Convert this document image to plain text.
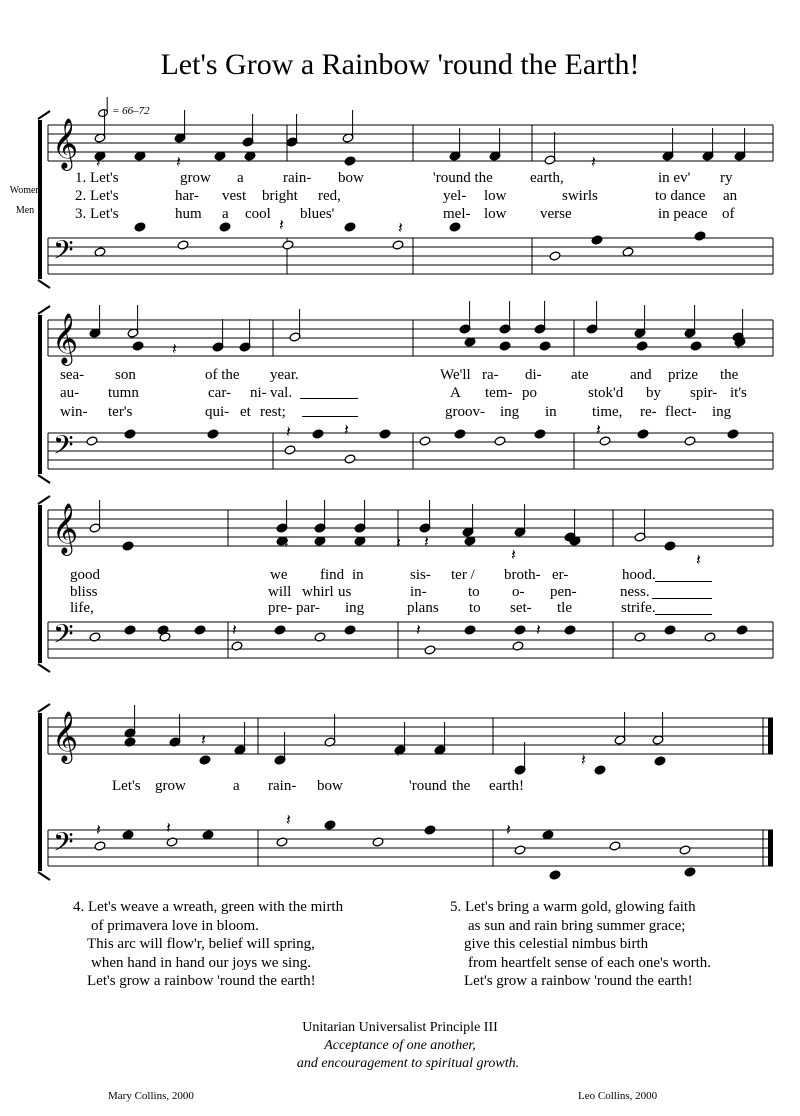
Let's Grow a Rainbow 'round the Earth!
= 66–72
Women
Men
𝄞
𝄢
𝄞
𝄢
𝄞
𝄢
𝄞
𝄢
𝄽	𝄽	𝄽	𝄽
𝄽
𝄽
𝄽	𝄽
𝄽
𝄽
𝄽
𝄽	𝄽
𝄽
𝄽	𝄽
𝄽
𝄽	𝄽
𝄽
𝄽
𝄽
𝄽
𝄽
𝄽
𝄽
1. Let's	grow a	rain- bow	'round the earth,	in ev' ry
2. Let's	har- vest bright red,	yel- low	swirls	to dance an
3. Let's	hum a cool blues'	mel- low verse	in peace of
sea- son	of the year.	We'll ra- di- ate	and prize the
au- tumn	car- ni- val.	A tem- po	stok'd by spir- it's
win- ter's	qui- et rest;	groov- ing in time, re- flect- ing
good	we find in	sis- ter / broth- er-	hood.
bliss	will whirl us	in-	to o- pen-	ness.
life,	pre- par- ing	plans to set- tle	strife.
Let's grow	a rain- bow	'round the earth!
4. Let's weave a wreath, green with the mirth
of primavera love in bloom.
This arc will flow'r, belief will spring,
when hand in hand our joys we sing.
Let's grow a rainbow 'round the earth!
5. Let's bring a warm gold, glowing faith
as sun and rain bring summer grace;
give this celestial nimbus birth
from heartfelt sense of each one's worth.
Let's grow a rainbow 'round the earth!
Unitarian Universalist Principle III
Acceptance of one another,
and encouragement to spiritual growth.
Mary Collins, 2000	Leo Collins, 2000
